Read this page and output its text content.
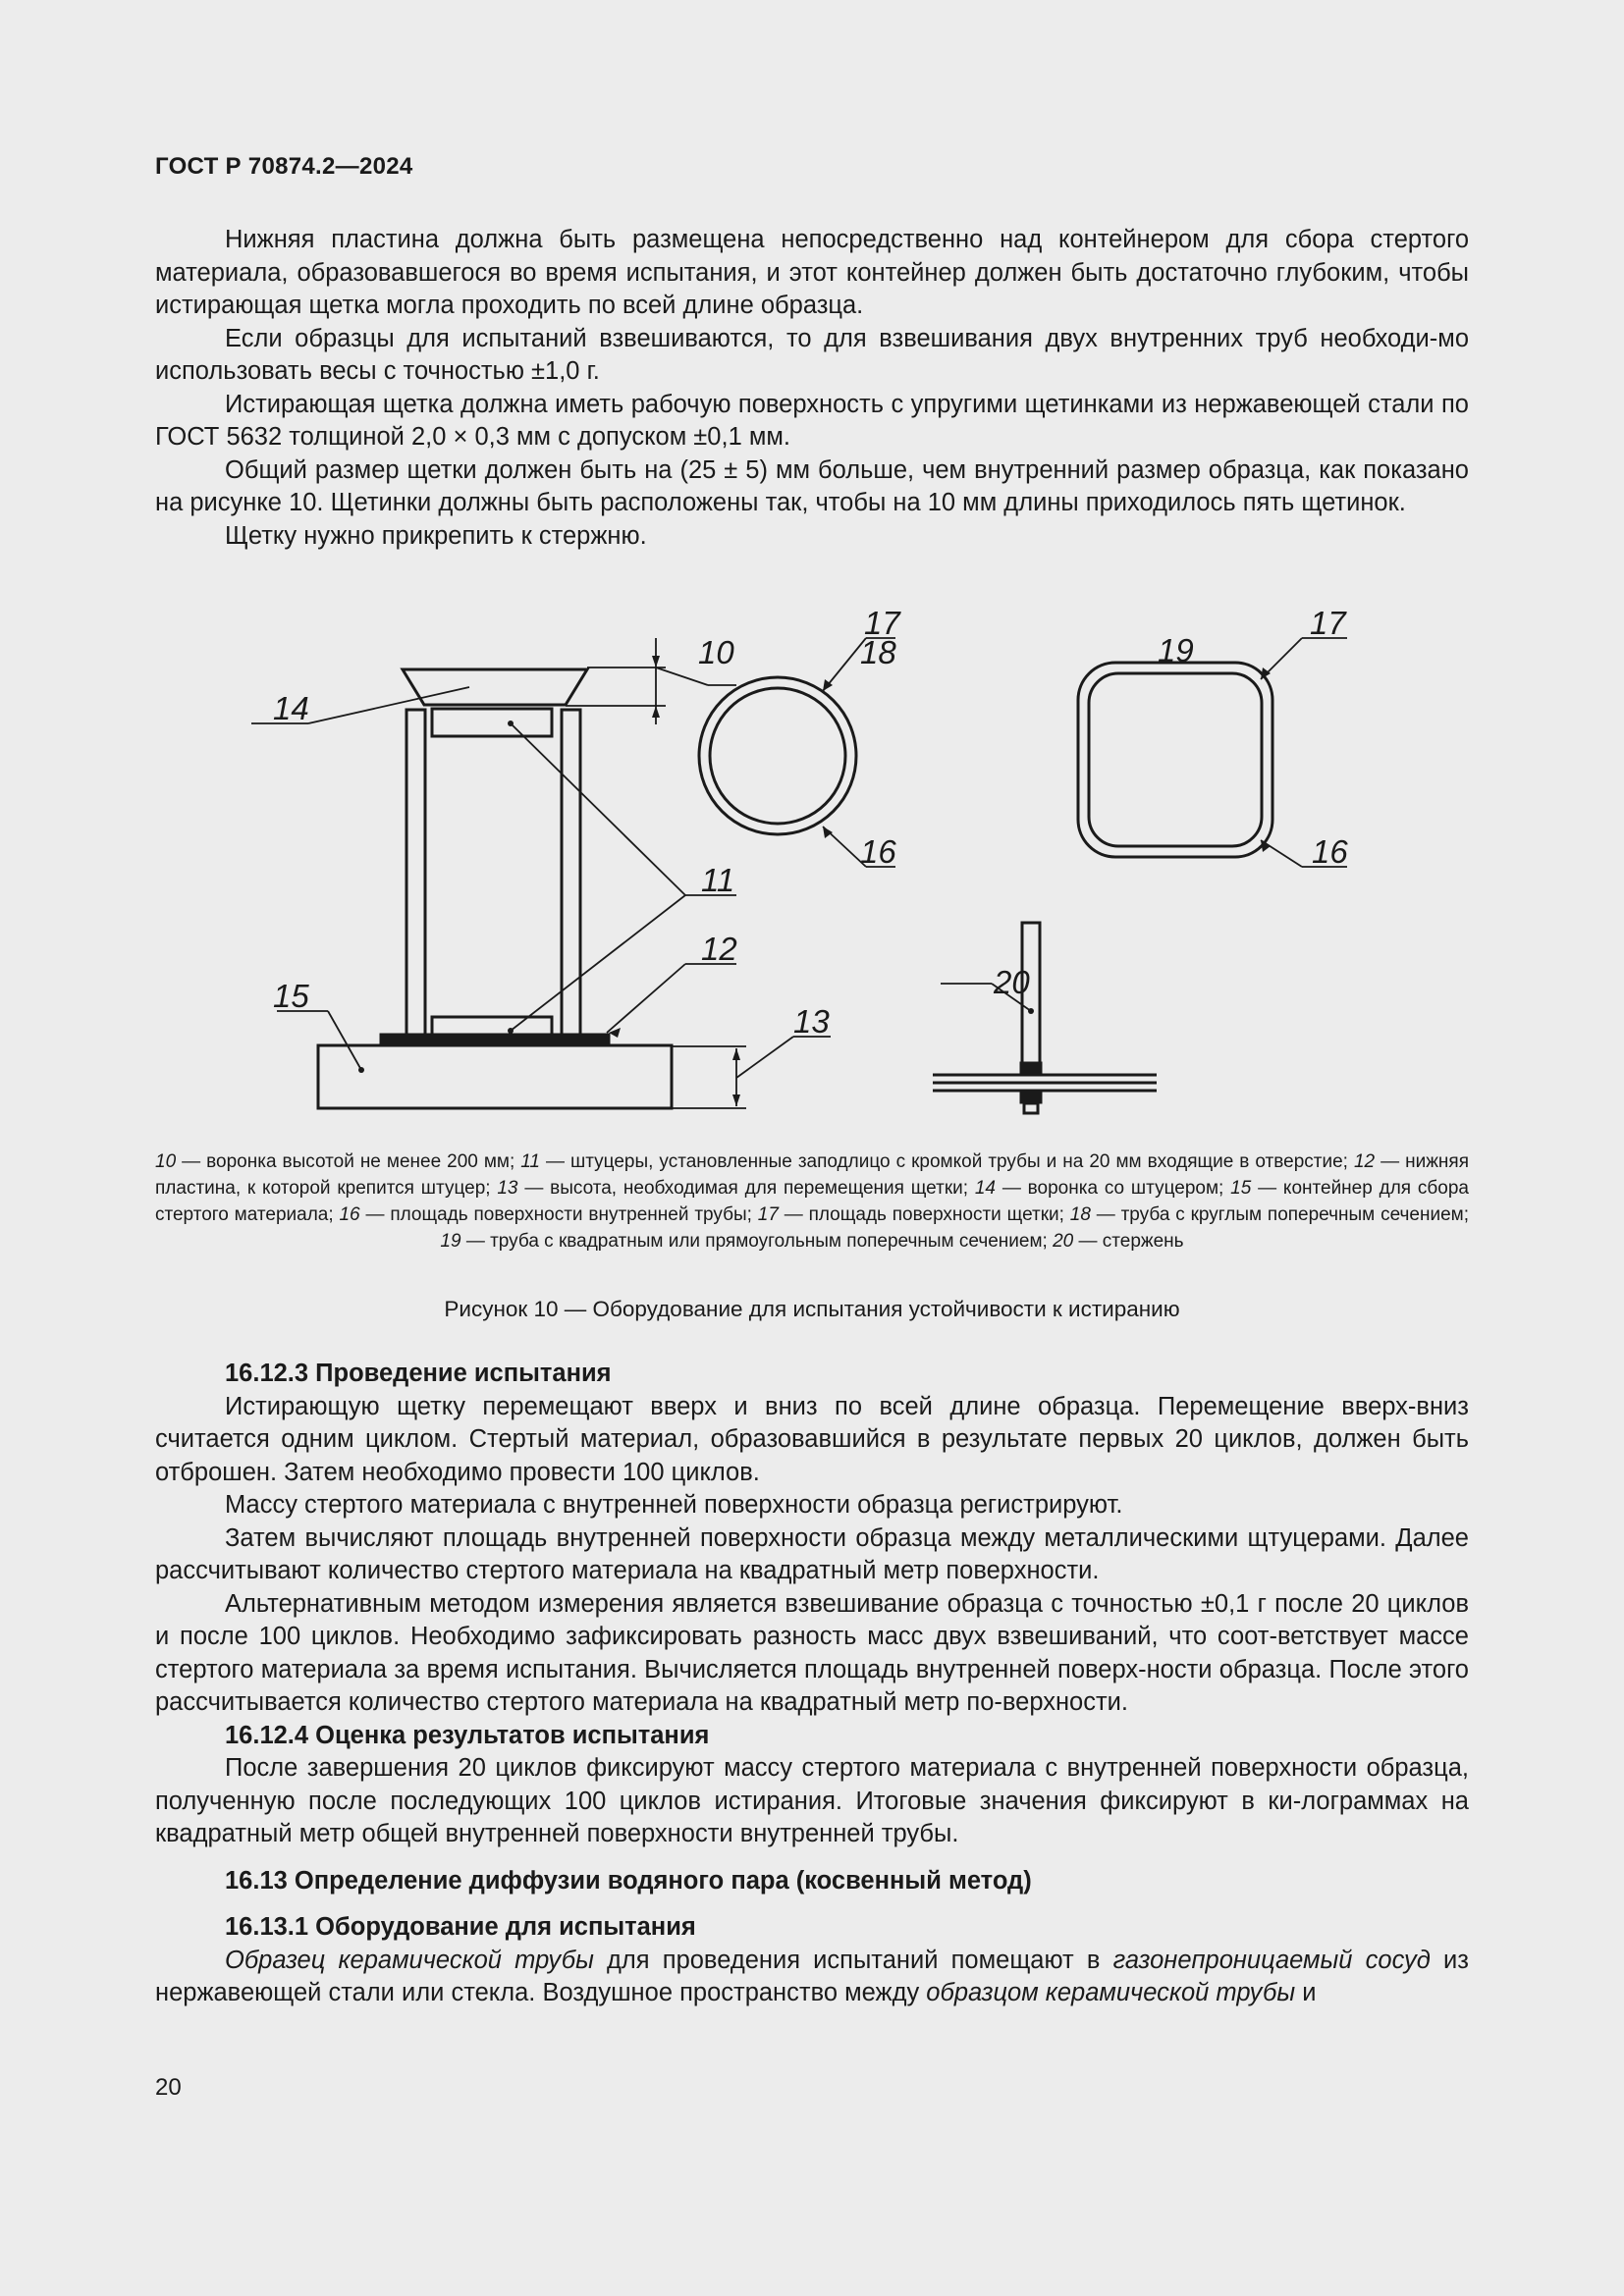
ГОСТ Р 70874.2—2024

Нижняя пластина должна быть размещена непосредственно над контейнером для сбора стертого материала, образовавшегося во время испытания, и этот контейнер должен быть достаточно глубоким, чтобы истирающая щетка могла проходить по всей длине образца.

Если образцы для испытаний взвешиваются, то для взвешивания двух внутренних труб необходи-мо использовать весы с точностью ±1,0 г.

Истирающая щетка должна иметь рабочую поверхность с упругими щетинками из нержавеющей стали по ГОСТ 5632 толщиной 2,0 × 0,3 мм с допуском ±0,1 мм.

Общий размер щетки должен быть на (25 ± 5) мм больше, чем внутренний размер образца, как показано на рисунке 10. Щетинки должны быть расположены так, чтобы на 10 мм длины приходилось пять щетинок.

Щетку нужно прикрепить к стержню.

10
11
12
13
14
15
16	16
20
17	17
18	19
10 — воронка высотой не менее 200 мм; 11 — штуцеры, установленные заподлицо с кромкой трубы и на 20 мм входящие в отверстие; 12 — нижняя пластина, к которой крепится штуцер; 13 — высота, необходимая для перемещения щетки; 14 — воронка со штуцером; 15 — контейнер для сбора стертого материала; 16 — площадь поверхности внутренней трубы; 17 — площадь поверхности щетки; 18 — труба с круглым поперечным сечением; 19 — труба с квадратным или прямоугольным поперечным сечением; 20 — стержень
Рисунок 10 — Оборудование для испытания устойчивости к истиранию

16.12.3 Проведение испытания

Истирающую щетку перемещают вверх и вниз по всей длине образца. Перемещение вверх-вниз считается одним циклом. Стертый материал, образовавшийся в результате первых 20 циклов, должен быть отброшен. Затем необходимо провести 100 циклов.

Массу стертого материала с внутренней поверхности образца регистрируют.

Затем вычисляют площадь внутренней поверхности образца между металлическими щтуцерами. Далее рассчитывают количество стертого материала на квадратный метр поверхности.

Альтернативным методом измерения является взвешивание образца с точностью ±0,1 г после 20 циклов и после 100 циклов. Необходимо зафиксировать разность масс двух взвешиваний, что соот-ветствует массе стертого материала за время испытания. Вычисляется площадь внутренней поверх-ности образца. После этого рассчитывается количество стертого материала на квадратный метр по-верхности.

16.12.4 Оценка результатов испытания

После завершения 20 циклов фиксируют массу стертого материала с внутренней поверхности образца, полученную после последующих 100 циклов истирания. Итоговые значения фиксируют в ки-лограммах на квадратный метр общей внутренней поверхности внутренней трубы.

16.13 Определение диффузии водяного пара (косвенный метод)

16.13.1 Оборудование для испытания

Образец керамической трубы для проведения испытаний помещают в газонепроницаемый сосуд из нержавеющей стали или стекла. Воздушное пространство между образцом керамической трубы и

20
